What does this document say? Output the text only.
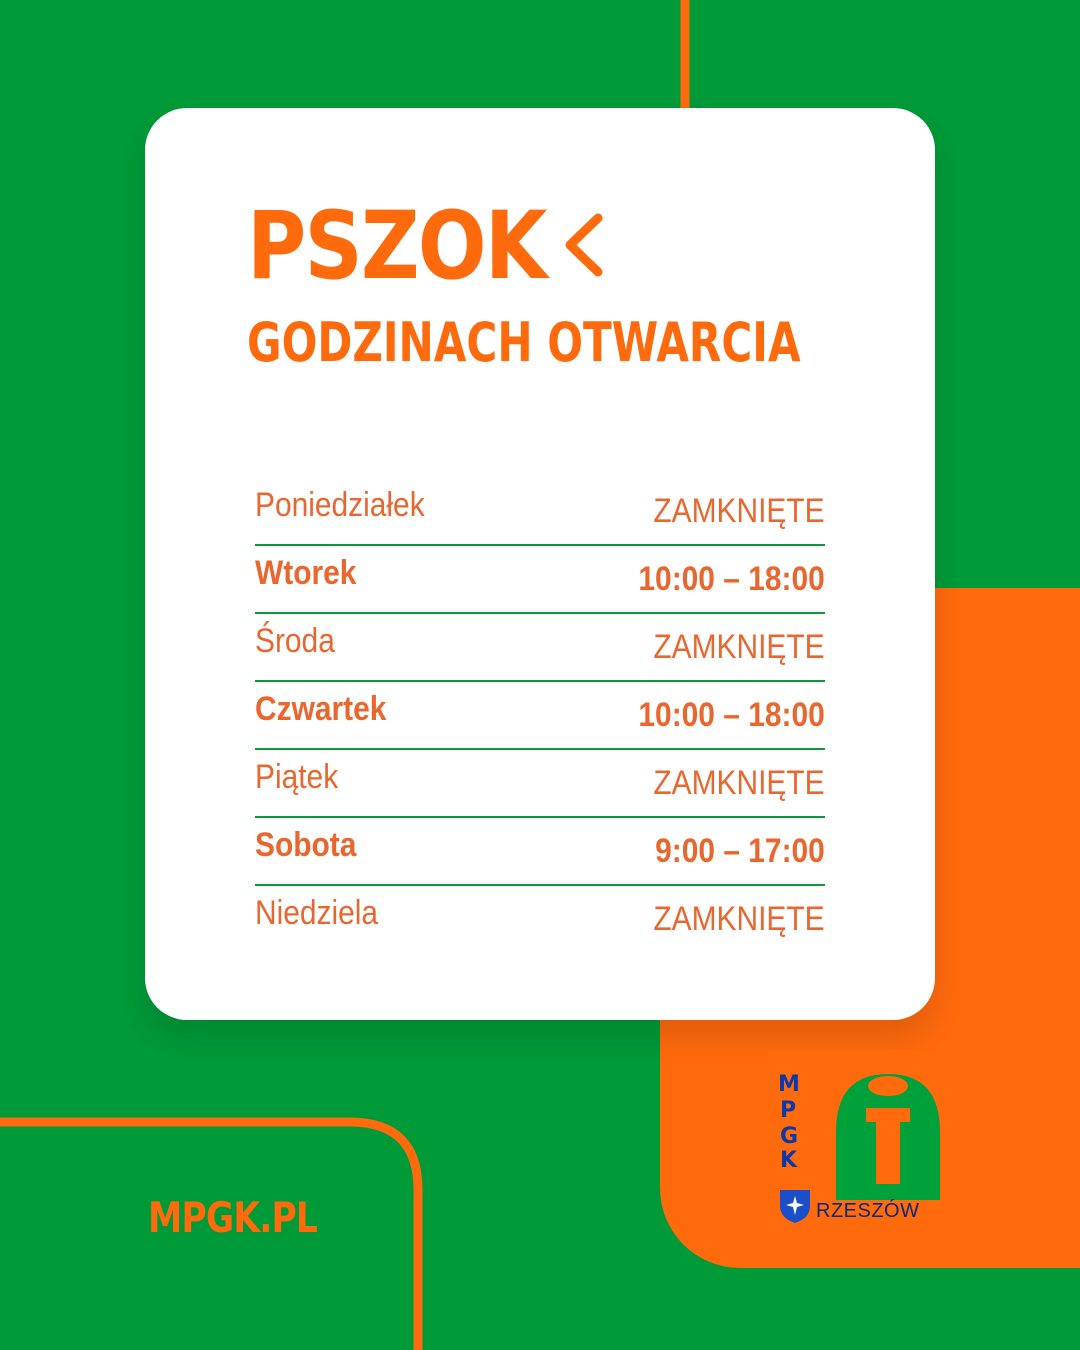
PSZOK
GODZINACH OTWARCIA
Poniedziałek	ZAMKNIĘTE
Wtorek	10:00 – 18:00
Środa	ZAMKNIĘTE
Czwartek	10:00 – 18:00
Piątek	ZAMKNIĘTE
Sobota	9:00 – 17:00
Niedziela	ZAMKNIĘTE
MPGK.PL
M
P
G
K
RZESZÓW
